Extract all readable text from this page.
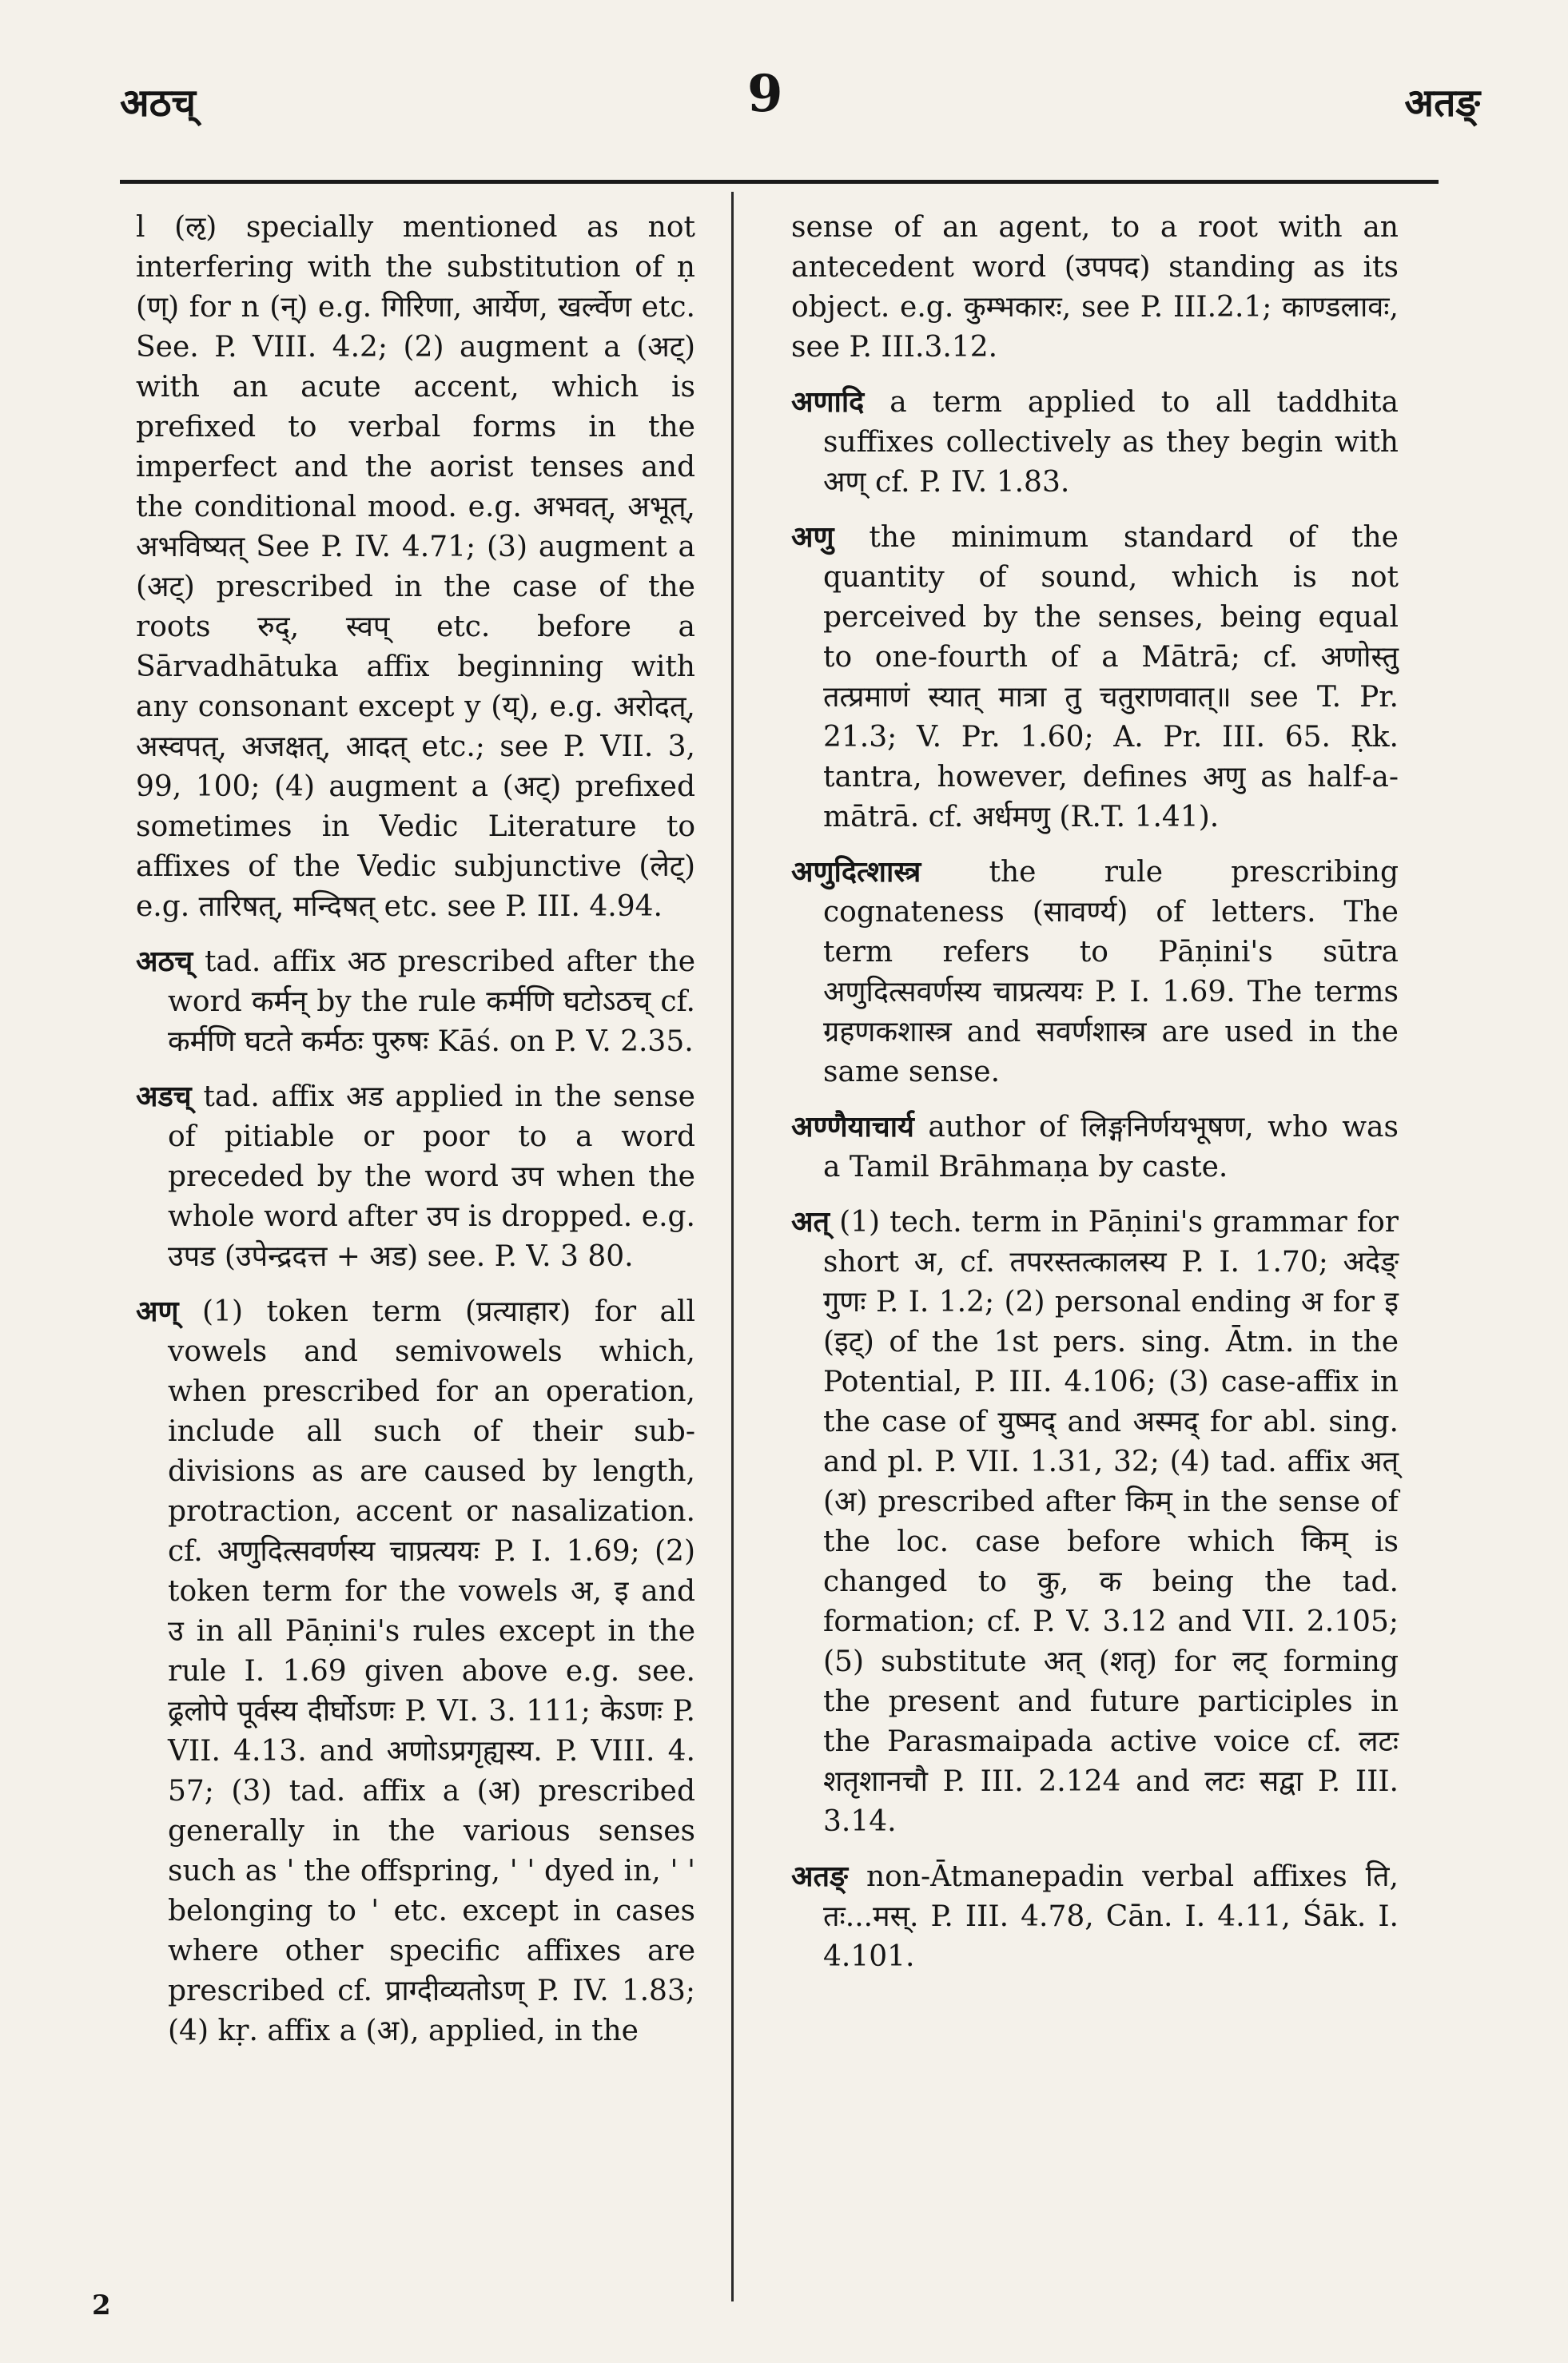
अठच्	9	अतङ्

l (ऌ) specially mentioned as not interfering with the substitution of ṇ (ण्) for n (न्) e.g. गिरिणा, आर्येण, खर्ल्वेण etc. See. P. VIII. 4.2; (2) augment a (अट्) with an acute accent, which is prefixed to verbal forms in the imperfect and the aorist tenses and the conditional mood. e.g. अभवत्, अभूत्, अभविष्यत् See P. IV. 4.71; (3) augment a (अट्) prescribed in the case of the roots रुद्, स्वप् etc. before a Sārvadhātuka affix beginning with any consonant except y (य्), e.g. अरोदत्, अस्वपत्, अजक्षत्, आदत् etc.; see P. VII. 3, 99, 100; (4) augment a (अट्) prefixed sometimes in Vedic Literature to affixes of the Vedic subjunctive (लेट्) e.g. तारिषत्, मन्दिषत् etc. see P. III. 4.94.

अठच् tad. affix अठ prescribed after the word कर्मन् by the rule कर्मणि घटोऽठच् cf. कर्मणि घटते कर्मठः पुरुषः Kāś. on P. V. 2.35.

अडच् tad. affix अड applied in the sense of pitiable or poor to a word preceded by the word उप when the whole word after उप is dropped. e.g. उपड (उपेन्द्रदत्त + अड) see. P. V. 3 80.

अण् (1) token term (प्रत्याहार) for all vowels and semivowels which, when prescribed for an operation, include all such of their sub-divisions as are caused by length, protraction, accent or nasalization. cf. अणुदित्सवर्णस्य चाप्रत्ययः P. I. 1.69; (2) token term for the vowels अ, इ and उ in all Pāṇini's rules except in the rule I. 1.69 given above e.g. see. ढ्रलोपे पूर्वस्य दीर्घोऽणः P. VI. 3. 111; केऽणः P. VII. 4.13. and अणोऽप्रगृह्यस्य. P. VIII. 4. 57; (3) tad. affix a (अ) prescribed generally in the various senses such as ' the offspring, ' ' dyed in, ' ' belonging to ' etc. except in cases where other specific affixes are prescribed cf. प्राग्दीव्यतोऽण् P. IV. 1.83; (4) kṛ. affix a (अ), applied, in the

sense of an agent, to a root with an antecedent word (उपपद) standing as its object. e.g. कुम्भकारः, see P. III.2.1; काण्डलावः, see P. III.3.12.

अणादि a term applied to all taddhita suffixes collectively as they begin with अण् cf. P. IV. 1.83.

अणु the minimum standard of the quantity of sound, which is not perceived by the senses, being equal to one-fourth of a Mātrā; cf. अणोस्तु तत्प्रमाणं स्यात् मात्रा तु चतुराणवात्॥ see T. Pr. 21.3; V. Pr. 1.60; A. Pr. III. 65. Ṛk. tantra, however, defines अणु as half-a-mātrā. cf. अर्धमणु (R.T. 1.41).

अणुदित्शास्त्र the rule prescribing cognateness (सावर्ण्य) of letters. The term refers to Pāṇini's sūtra अणुदित्सवर्णस्य चाप्रत्ययः P. I. 1.69. The terms ग्रहणकशास्त्र and सवर्णशास्त्र are used in the same sense.

अण्णैयाचार्य author of लिङ्गनिर्णयभूषण, who was a Tamil Brāhmaṇa by caste.

अत् (1) tech. term in Pāṇini's grammar for short अ, cf. तपरस्तत्कालस्य P. I. 1.70; अदेङ् गुणः P. I. 1.2; (2) personal ending अ for इ (इट्) of the 1st pers. sing. Ātm. in the Potential, P. III. 4.106; (3) case-affix in the case of युष्मद् and अस्मद् for abl. sing. and pl. P. VII. 1.31, 32; (4) tad. affix अत् (अ) prescribed after किम् in the sense of the loc. case before which किम् is changed to कु, क being the tad. formation; cf. P. V. 3.12 and VII. 2.105; (5) substitute अत् (शतृ) for लट् forming the present and future participles in the Parasmaipada active voice cf. लटः शतृशानचौ P. III. 2.124 and लटः सद्वा P. III. 3.14.

अतङ् non-Ātmanepadin verbal affixes ति, तः...मस्. P. III. 4.78, Cān. I. 4.11, Śāk. I. 4.101.

2
